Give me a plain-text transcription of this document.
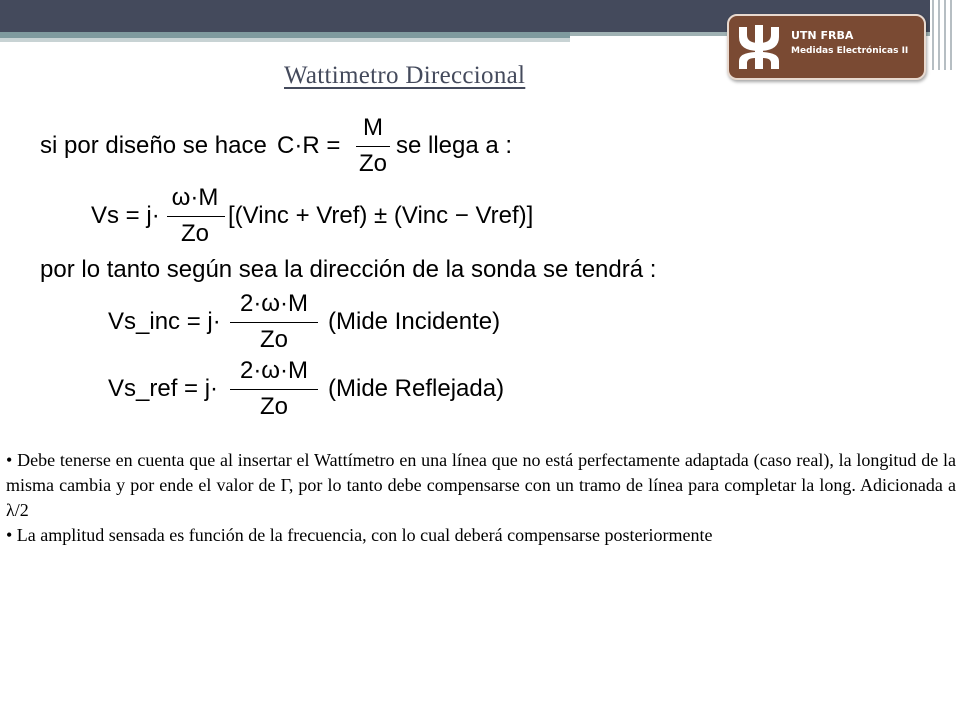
UTN FRBA
Medidas Electrónicas II
Wattimetro Direccional
si por diseño se hace C·R =
M
Zo
se llega a :
Vs = j·
ω·M
Zo
[(Vinc + Vref) ± (Vinc − Vref)]
por lo tanto según sea la dirección de la sonda se tendrá :
Vs_inc = j·
2·ω·M
Zo
(Mide Incidente)
Vs_ref = j·
2·ω·M
Zo
(Mide Reflejada)

• Debe tenerse en cuenta que al insertar el Wattímetro en una línea que no está perfectamente adaptada (caso real), la longitud de la misma cambia y por ende el valor de Γ, por lo tanto debe compensarse con un tramo de línea para completar la long. Adicionada a λ/2

• La amplitud sensada es función de la frecuencia, con lo cual deberá compensarse posteriormente
